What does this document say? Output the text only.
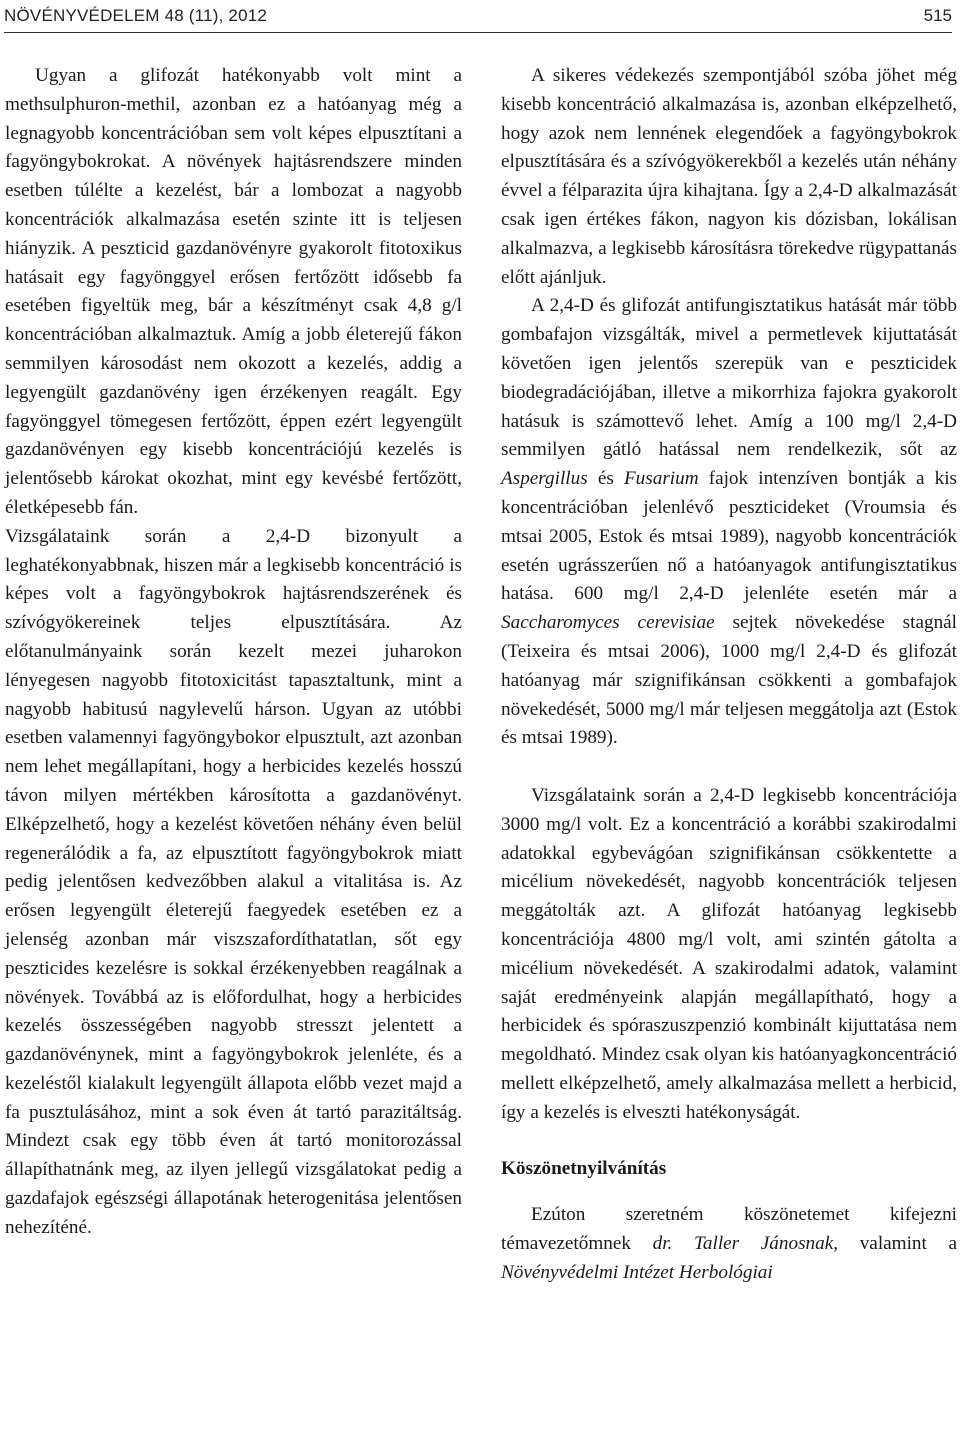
NÖVÉNYVÉDELEM 48 (11), 2012	515

Ugyan a glifozát hatékonyabb volt mint a methsulphuron-methil, azonban ez a hatóanyag még a legnagyobb koncentrációban sem volt képes elpusztítani a fagyöngybokrokat. A növények hajtásrendszere minden esetben túlélte a kezelést, bár a lombozat a nagyobb koncentrációk alkalmazása esetén szinte itt is teljesen hiányzik. A peszticid gazdanövényre gyakorolt fitotoxikus hatásait egy fagyönggyel erősen fertőzött idősebb fa esetében figyeltük meg, bár a készítményt csak 4,8 g/l koncentrációban alkalmaztuk. Amíg a jobb életerejű fákon semmilyen károsodást nem okozott a kezelés, addig a legyengült gazdanövény igen érzékenyen reagált. Egy fagyönggyel tömegesen fertőzött, éppen ezért legyengült gazdanövényen egy kisebb koncentrációjú kezelés is jelentősebb károkat okozhat, mint egy kevésbé fertőzött, életképesebb fán.

Vizsgálataink során a 2,4-D bizonyult a leghatékonyabbnak, hiszen már a legkisebb koncentráció is képes volt a fagyöngybokrok hajtásrendszerének és szívógyökereinek teljes elpusztítására. Az előtanulmányaink során kezelt mezei juharokon lényegesen nagyobb fitotoxicitást tapasztaltunk, mint a nagyobb habitusú nagylevelű hárson. Ugyan az utóbbi esetben valamennyi fagyöngybokor elpusztult, azt azonban nem lehet megállapítani, hogy a herbicides kezelés hosszú távon milyen mértékben károsította a gazdanövényt. Elképzelhető, hogy a kezelést követően néhány éven belül regenerálódik a fa, az elpusztított fagyöngybokrok miatt pedig jelentősen kedvezőbben alakul a vitalitása is. Az erősen legyengült életerejű faegyedek esetében ez a jelenség azonban már viszszafordíthatatlan, sőt egy peszticides kezelésre is sokkal érzékenyebben reagálnak a növények. Továbbá az is előfordulhat, hogy a herbicides kezelés összességében nagyobb stresszt jelentett a gazdanövénynek, mint a fagyöngybokrok jelenléte, és a kezeléstől kialakult legyengült állapota előbb vezet majd a fa pusztulásához, mint a sok éven át tartó parazitáltság. Mindezt csak egy több éven át tartó monitorozással állapíthatnánk meg, az ilyen jellegű vizsgálatokat pedig a gazdafajok egészségi állapotának heterogenitása jelentősen nehezíténé.

A sikeres védekezés szempontjából szóba jöhet még kisebb koncentráció alkalmazása is, azonban elképzelhető, hogy azok nem lennének elegendőek a fagyöngybokrok elpusztítására és a szívógyökerekből a kezelés után néhány évvel a félparazita újra kihajtana. Így a 2,4-D alkalmazását csak igen értékes fákon, nagyon kis dózisban, lokálisan alkalmazva, a legkisebb károsításra törekedve rügypattanás előtt ajánljuk.

A 2,4-D és glifozát antifungisztatikus hatását már több gombafajon vizsgálták, mivel a permetlevek kijuttatását követően igen jelentős szerepük van e peszticidek biodegradációjában, illetve a mikorrhiza fajokra gyakorolt hatásuk is számottevő lehet. Amíg a 100 mg/l 2,4-D semmilyen gátló hatással nem rendelkezik, sőt az Aspergillus és Fusarium fajok intenzíven bontják a kis koncentrációban jelenlévő peszticideket (Vroumsia és mtsai 2005, Estok és mtsai 1989), nagyobb koncentrációk esetén ugrásszerűen nő a hatóanyagok antifungisztatikus hatása. 600 mg/l 2,4-D jelenléte esetén már a Saccharomyces cerevisiae sejtek növekedése stagnál (Teixeira és mtsai 2006), 1000 mg/l 2,4-D és glifozát hatóanyag már szignifikánsan csökkenti a gombafajok növekedését, 5000 mg/l már teljesen meggátolja azt (Estok és mtsai 1989).

Vizsgálataink során a 2,4-D legkisebb koncentrációja 3000 mg/l volt. Ez a koncentráció a korábbi szakirodalmi adatokkal egybevágóan szignifikánsan csökkentette a micélium növekedését, nagyobb koncentrációk teljesen meggátolták azt. A glifozát hatóanyag legkisebb koncentrációja 4800 mg/l volt, ami szintén gátolta a micélium növekedését. A szakirodalmi adatok, valamint saját eredményeink alapján megállapítható, hogy a herbicidek és spóraszuszpenzió kombinált kijuttatása nem megoldható. Mindez csak olyan kis hatóanyagkoncentráció mellett elképzelhető, amely alkalmazása mellett a herbicid, így a kezelés is elveszti hatékonyságát.

Köszönetnyilvánítás

Ezúton szeretném köszönetemet kifejezni témavezetőmnek dr. Taller Jánosnak, valamint a Növényvédelmi Intézet Herbológiai
